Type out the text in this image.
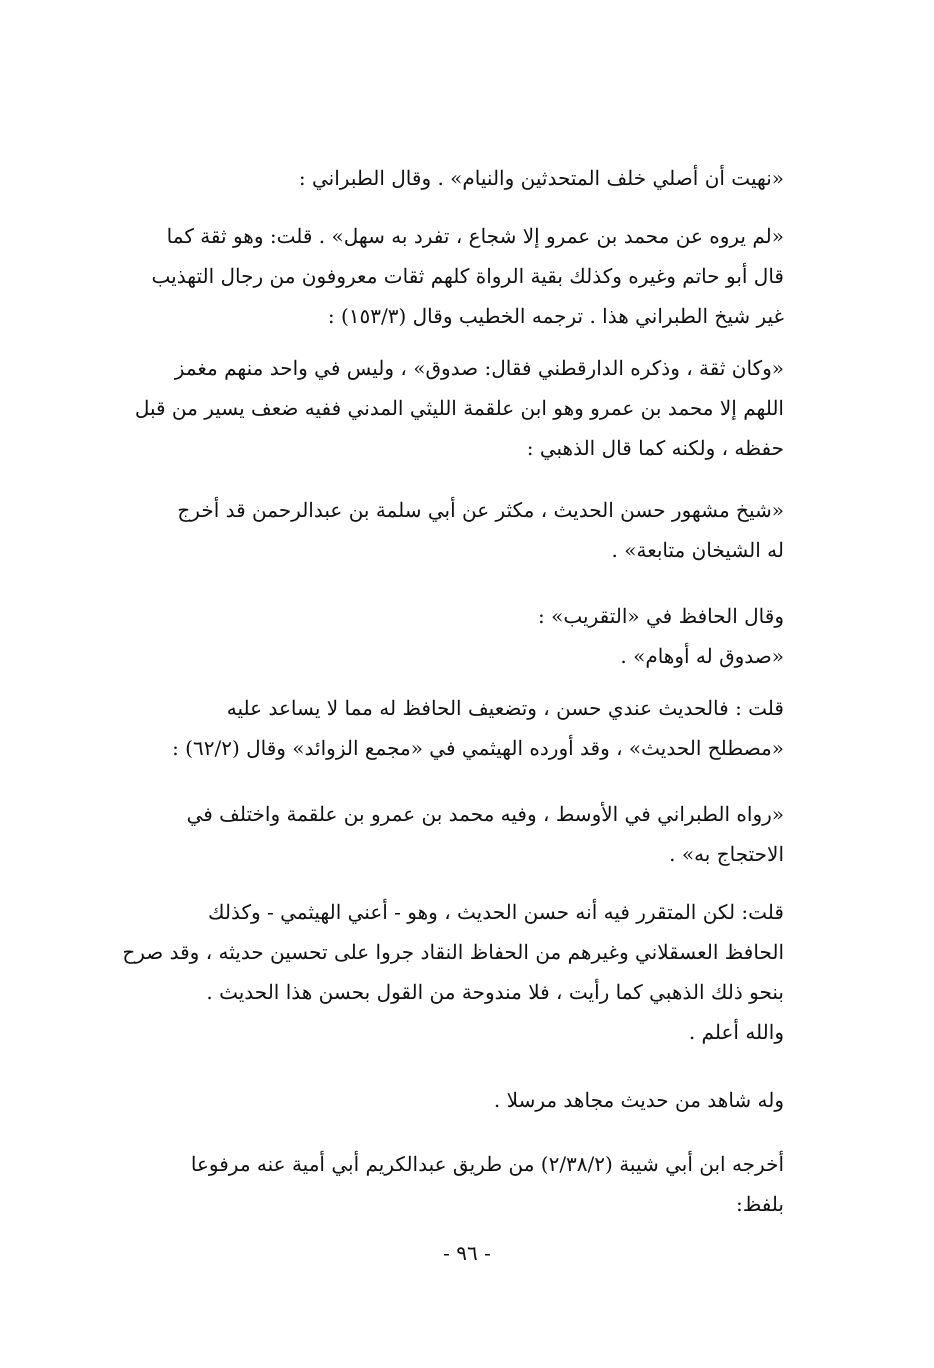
«نهيت أن أصلي خلف المتحدثين والنيام» . وقال الطبراني :
«لم يروه عن محمد بن عمرو إلا شجاع ، تفرد به سهل» . قلت: وهو ثقة كما
قال أبو حاتم وغيره وكذلك بقية الرواة كلهم ثقات معروفون من رجال التهذيب
غير شيخ الطبراني هذا . ترجمه الخطيب وقال (١٥٣/٣) :
«وكان ثقة ، وذكره الدارقطني فقال: صدوق» ، وليس في واحد منهم مغمز
اللهم إلا محمد بن عمرو وهو ابن علقمة الليثي المدني ففيه ضعف يسير من قبل
حفظه ، ولكنه كما قال الذهبي :
«شيخ مشهور حسن الحديث ، مكثر عن أبي سلمة بن عبدالرحمن قد أخرج
له الشيخان متابعة» .
وقال الحافظ في «التقريب» :
«صدوق له أوهام» .
قلت : فالحديث عندي حسن ، وتضعيف الحافظ له مما لا يساعد عليه
«مصطلح الحديث» ، وقد أورده الهيثمي في «مجمع الزوائد» وقال (٦٢/٢) :
«رواه الطبراني في الأوسط ، وفيه محمد بن عمرو بن علقمة واختلف في
الاحتجاج به» .
قلت: لكن المتقرر فيه أنه حسن الحديث ، وهو - أعني الهيثمي - وكذلك
الحافظ العسقلاني وغيرهم من الحفاظ النقاد جروا على تحسين حديثه ، وقد صرح
بنحو ذلك الذهبي كما رأيت ، فلا مندوحة من القول بحسن هذا الحديث .
والله أعلم .
وله شاهد من حديث مجاهد مرسلا .
أخرجه ابن أبي شيبة (٢/٣٨/٢) من طريق عبدالكريم أبي أمية عنه مرفوعا
بلفظ:
- ٩٦ -
